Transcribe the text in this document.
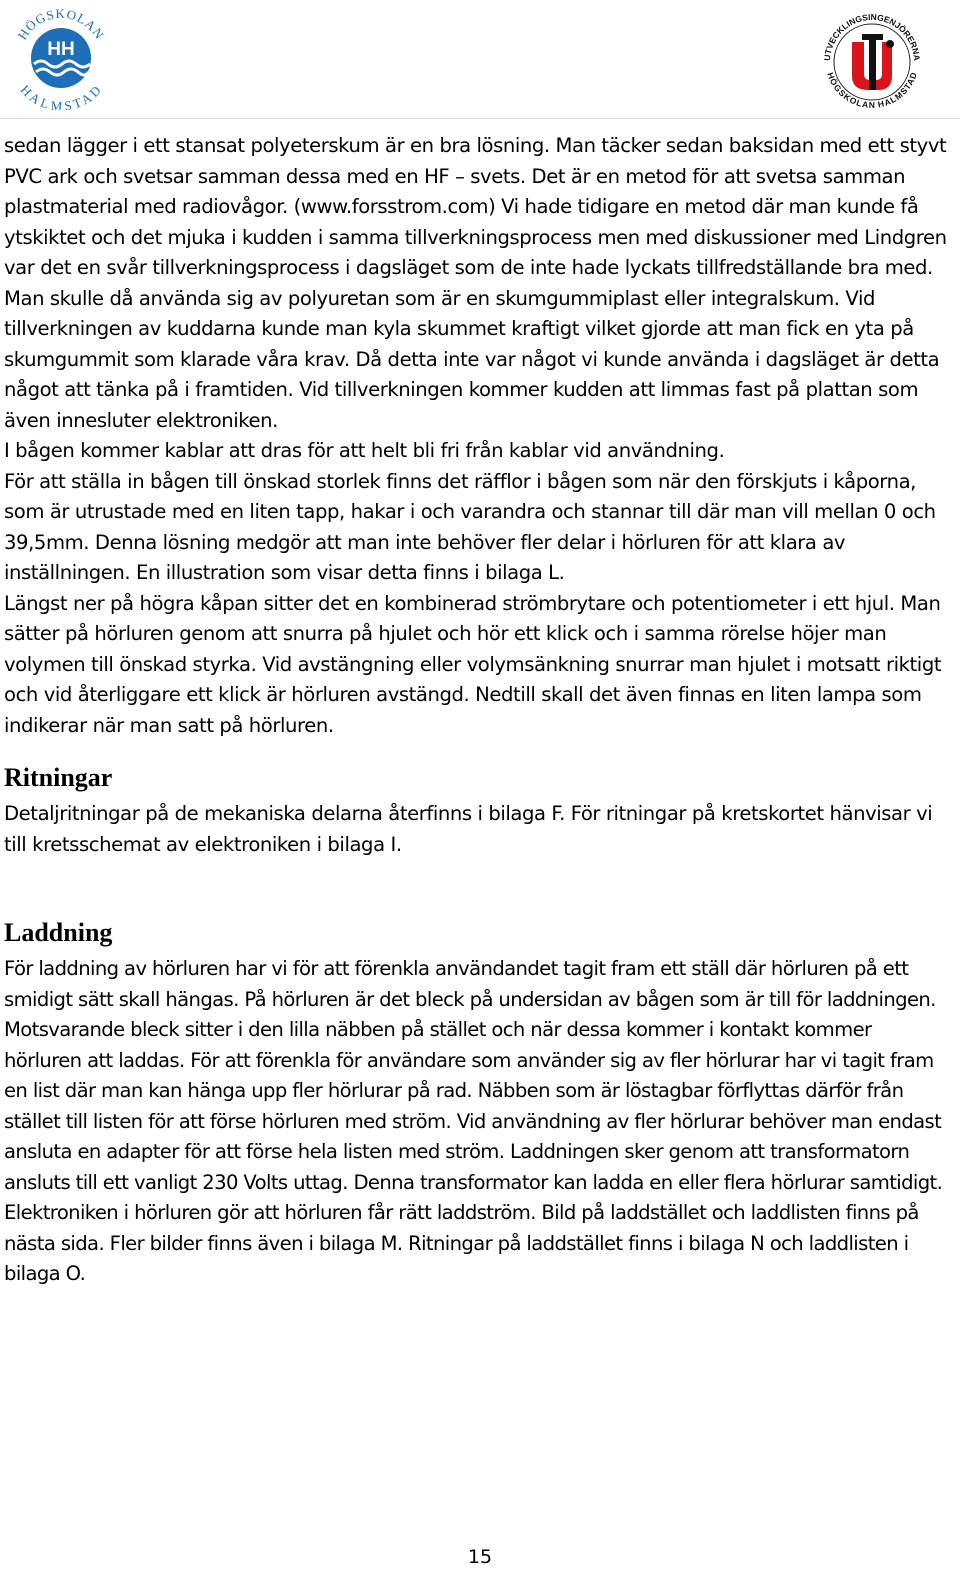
HH
HÖGSKOLAN
HALMSTAD
UTVECKLINGSINGENJÖRERNA
HÖGSKOLAN HALMSTAD

sedan lägger i ett stansat polyeterskum är en bra lösning. Man täcker sedan baksidan med ett styvt PVC ark och svetsar samman dessa med en HF – svets. Det är en metod för att svetsa samman plastmaterial med radiovågor. (www.forsstrom.com) Vi hade tidigare en metod där man kunde få ytskiktet och det mjuka i kudden i samma tillverkningsprocess men med diskussioner med Lindgren var det en svår tillverkningsprocess i dagsläget som de inte hade lyckats tillfredställande bra med. Man skulle då använda sig av polyuretan som är en skumgummiplast eller integralskum. Vid tillverkningen av kuddarna kunde man kyla skummet kraftigt vilket gjorde att man fick en yta på skumgummit som klarade våra krav. Då detta inte var något vi kunde använda i dagsläget är detta något att tänka på i framtiden. Vid tillverkningen kommer kudden att limmas fast på plattan som även innesluter elektroniken.

I bågen kommer kablar att dras för att helt bli fri från kablar vid användning.

För att ställa in bågen till önskad storlek finns det räfflor i bågen som när den förskjuts i kåporna, som är utrustade med en liten tapp, hakar i och varandra och stannar till där man vill mellan 0 och 39,5mm. Denna lösning medgör att man inte behöver fler delar i hörluren för att klara av inställningen. En illustration som visar detta finns i bilaga L.

Längst ner på högra kåpan sitter det en kombinerad strömbrytare och potentiometer i ett hjul. Man sätter på hörluren genom att snurra på hjulet och hör ett klick och i samma rörelse höjer man volymen till önskad styrka. Vid avstängning eller volymsänkning snurrar man hjulet i motsatt riktigt och vid återliggare ett klick är hörluren avstängd. Nedtill skall det även finnas en liten lampa som indikerar när man satt på hörluren.

Ritningar

Detaljritningar på de mekaniska delarna återfinns i bilaga F. För ritningar på kretskortet hänvisar vi till kretsschemat av elektroniken i bilaga I.

Laddning

För laddning av hörluren har vi för att förenkla användandet tagit fram ett ställ där hörluren på ett smidigt sätt skall hängas. På hörluren är det bleck på undersidan av bågen som är till för laddningen. Motsvarande bleck sitter i den lilla näbben på stället och när dessa kommer i kontakt kommer hörluren att laddas. För att förenkla för användare som använder sig av fler hörlurar har vi tagit fram en list där man kan hänga upp fler hörlurar på rad. Näbben som är löstagbar förflyttas därför från stället till listen för att förse hörluren med ström. Vid användning av fler hörlurar behöver man endast ansluta en adapter för att förse hela listen med ström. Laddningen sker genom att transformatorn ansluts till ett vanligt 230 Volts uttag. Denna transformator kan ladda en eller flera hörlurar samtidigt. Elektroniken i hörluren gör att hörluren får rätt laddström. Bild på laddstället och laddlisten finns på nästa sida. Fler bilder finns även i bilaga M. Ritningar på laddstället finns i bilaga N och laddlisten i bilaga O.

15
